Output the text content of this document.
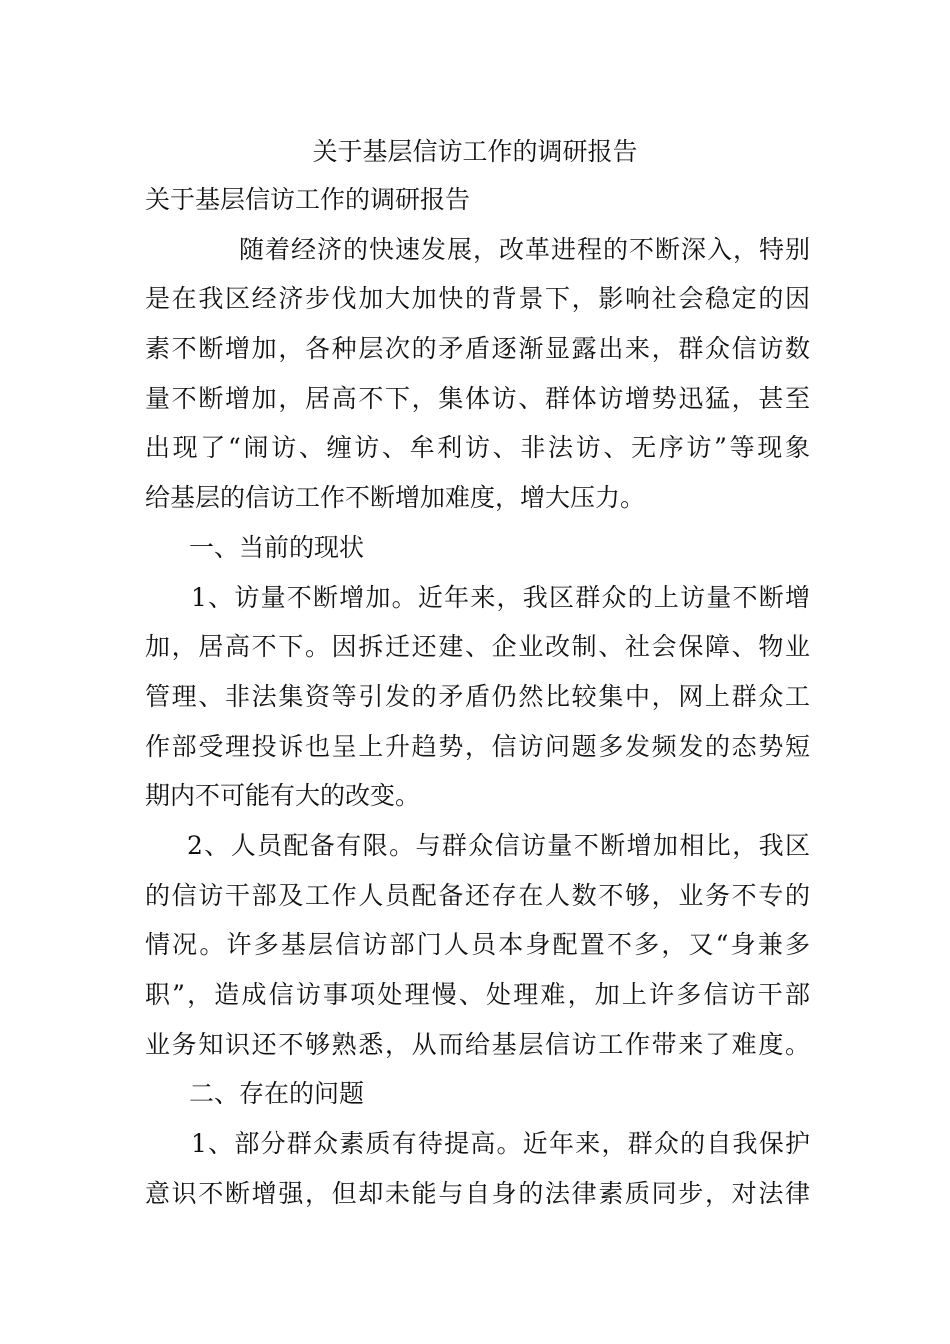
关于基层信访工作的调研报告
关于基层信访工作的调研报告
随着经济的快速发展，改革进程的不断深入，特别
是在我区经济步伐加大加快的背景下，影响社会稳定的因
素不断增加，各种层次的矛盾逐渐显露出来，群众信访数
量不断增加，居高不下，集体访、群体访增势迅猛，甚至
出现了“闹访、缠访、牟利访、非法访、无序访”等现象
给基层的信访工作不断增加难度，增大压力。
一、当前的现状
1、访量不断增加。近年来，我区群众的上访量不断增
加，居高不下。因拆迁还建、企业改制、社会保障、物业
管理、非法集资等引发的矛盾仍然比较集中，网上群众工
作部受理投诉也呈上升趋势，信访问题多发频发的态势短
期内不可能有大的改变。
2、人员配备有限。与群众信访量不断增加相比，我区
的信访干部及工作人员配备还存在人数不够，业务不专的
情况。许多基层信访部门人员本身配置不多，又“身兼多
职”，造成信访事项处理慢、处理难，加上许多信访干部
业务知识还不够熟悉，从而给基层信访工作带来了难度。
二、存在的问题
1、部分群众素质有待提高。近年来，群众的自我保护
意识不断增强，但却未能与自身的法律素质同步，对法律
